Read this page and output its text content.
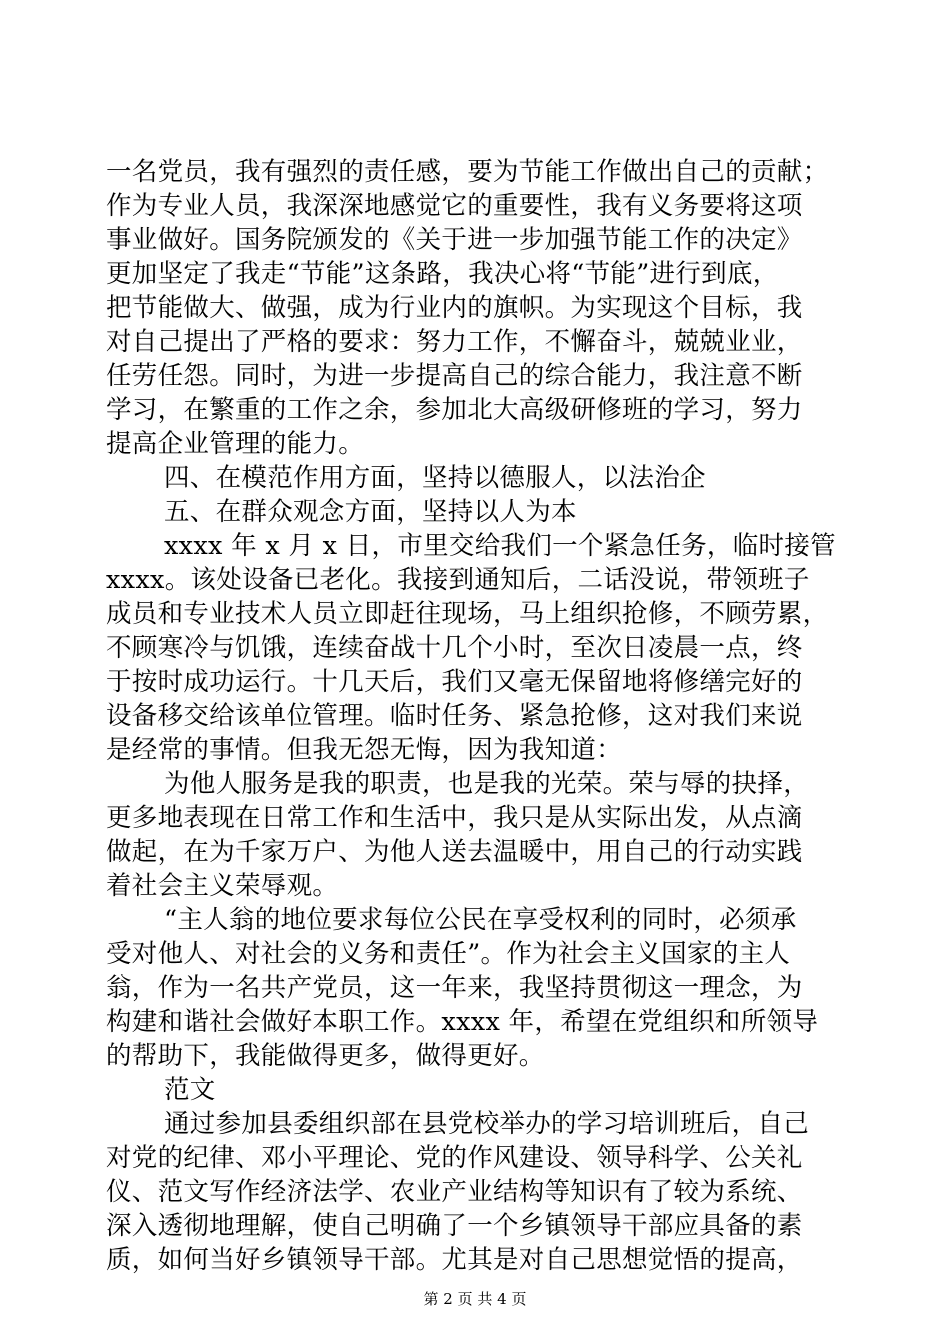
一名党员，我有强烈的责任感，要为节能工作做出自己的贡献；
作为专业人员，我深深地感觉它的重要性，我有义务要将这项
事业做好。国务院颁发的《关于进一步加强节能工作的决定》
更加坚定了我走“节能”这条路，我决心将“节能”进行到底，
把节能做大、做强，成为行业内的旗帜。为实现这个目标，我
对自己提出了严格的要求：努力工作，不懈奋斗，兢兢业业，
任劳任怨。同时，为进一步提高自己的综合能力，我注意不断
学习，在繁重的工作之余，参加北大高级研修班的学习，努力
提高企业管理的能力。
四、在模范作用方面，坚持以德服人，以法治企
五、在群众观念方面，坚持以人为本
xxxx 年 x 月 x 日，市里交给我们一个紧急任务，临时接管
xxxx。该处设备已老化。我接到通知后，二话没说，带领班子
成员和专业技术人员立即赶往现场，马上组织抢修，不顾劳累，
不顾寒冷与饥饿，连续奋战十几个小时，至次日凌晨一点，终
于按时成功运行。十几天后，我们又毫无保留地将修缮完好的
设备移交给该单位管理。临时任务、紧急抢修，这对我们来说
是经常的事情。但我无怨无悔，因为我知道：
为他人服务是我的职责，也是我的光荣。荣与辱的抉择，
更多地表现在日常工作和生活中，我只是从实际出发，从点滴
做起，在为千家万户、为他人送去温暖中，用自己的行动实践
着社会主义荣辱观。
“主人翁的地位要求每位公民在享受权利的同时，必须承
受对他人、对社会的义务和责任”。作为社会主义国家的主人
翁，作为一名共产党员，这一年来，我坚持贯彻这一理念，为
构建和谐社会做好本职工作。xxxx 年，希望在党组织和所领导
的帮助下，我能做得更多，做得更好。
范文
通过参加县委组织部在县党校举办的学习培训班后，自己
对党的纪律、邓小平理论、党的作风建设、领导科学、公关礼
仪、范文写作经济法学、农业产业结构等知识有了较为系统、
深入透彻地理解，使自己明确了一个乡镇领导干部应具备的素
质，如何当好乡镇领导干部。尤其是对自己思想觉悟的提高，
第 2 页 共 4 页
